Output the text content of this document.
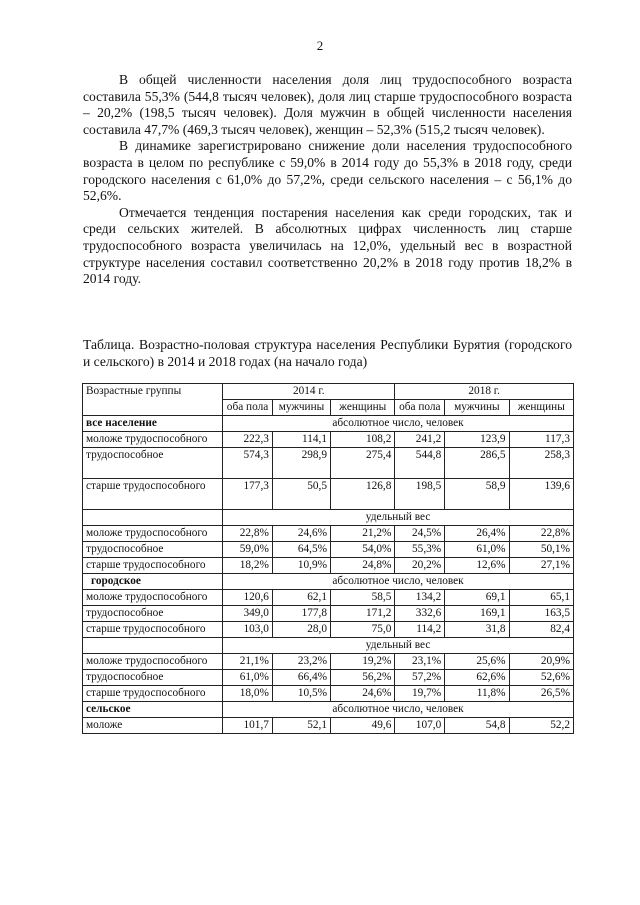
2

В общей численности населения доля лиц трудоспособного возраста составила 55,3% (544,8 тысяч человек), доля лиц старше трудоспособного возраста – 20,2% (198,5 тысяч человек). Доля мужчин в общей численности населения составила 47,7% (469,3 тысяч человек), женщин – 52,3% (515,2 тысяч человек).

В динамике зарегистрировано снижение доли населения трудоспособного возраста в целом по республике с 59,0% в 2014 году до 55,3% в 2018 году, среди городского населения с 61,0% до 57,2%, среди сельского населения – с 56,1% до 52,6%.

Отмечается тенденция постарения населения как среди городских, так и среди сельских жителей. В абсолютных цифрах численность лиц старше трудоспособного возраста увеличилась на 12,0%, удельный вес в возрастной структуре населения составил соответственно 20,2% в 2018 году против 18,2% в 2014 году.

Таблица. Возрастно-половая структура населения Республики Бурятия (городского и сельского) в 2014 и 2018 годах (на начало года)
Возрастные группы	2014 г.			2018 г.		
	оба пола	мужчины	женщины	оба пола	мужчины	женщины
все население	абсолютное число, человек					
моложе трудоспособного	222,3	114,1	108,2	241,2	123,9	117,3
трудоспособное	574,3	298,9	275,4	544,8	286,5	258,3
старше трудоспособного	177,3	50,5	126,8	198,5	58,9	139,6
	удельный вес					
моложе трудоспособного	22,8%	24,6%	21,2%	24,5%	26,4%	22,8%
трудоспособное	59,0%	64,5%	54,0%	55,3%	61,0%	50,1%
старше трудоспособного	18,2%	10,9%	24,8%	20,2%	12,6%	27,1%
городское	абсолютное число, человек					
моложе трудоспособного	120,6	62,1	58,5	134,2	69,1	65,1
трудоспособное	349,0	177,8	171,2	332,6	169,1	163,5
старше трудоспособного	103,0	28,0	75,0	114,2	31,8	82,4
	удельный вес					
моложе трудоспособного	21,1%	23,2%	19,2%	23,1%	25,6%	20,9%
трудоспособное	61,0%	66,4%	56,2%	57,2%	62,6%	52,6%
старше трудоспособного	18,0%	10,5%	24,6%	19,7%	11,8%	26,5%
сельское	абсолютное число, человек					
моложе	101,7	52,1	49,6	107,0	54,8	52,2
